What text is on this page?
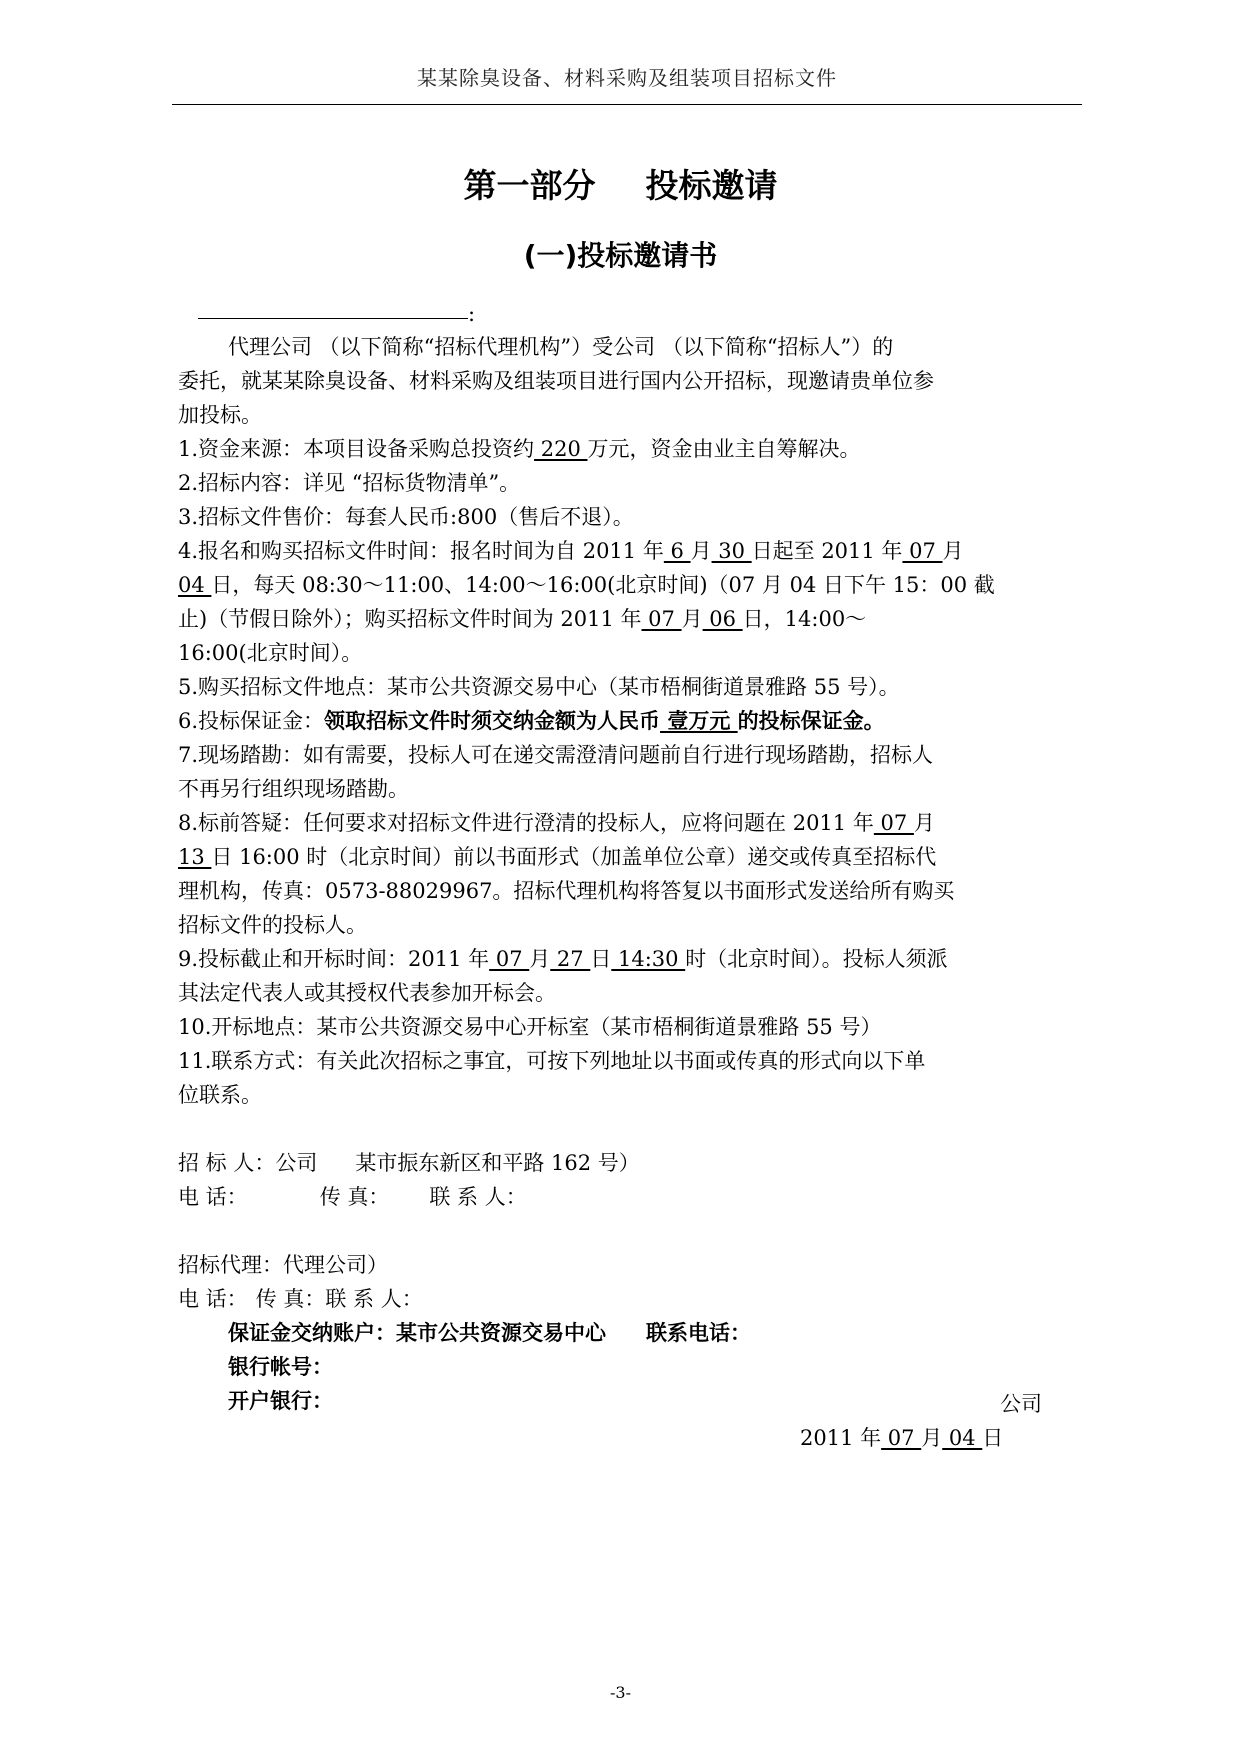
某某除臭设备、材料采购及组装项目招标文件
第一部分 投标邀请
(一)投标邀请书
:
代理公司 （以下简称“招标代理机构”）受公司 （以下简称“招标人”）的
委托，就某某除臭设备、材料采购及组装项目进行国内公开招标，现邀请贵单位参
加投标。
1.资金来源：本项目设备采购总投资约 220 万元，资金由业主自筹解决。
2.招标内容：详见 “招标货物清单”。
3.招标文件售价：每套人民币:800（售后不退）。
4.报名和购买招标文件时间：报名时间为自 2011 年 6 月 30 日起至 2011 年 07 月
04 日，每天 08:30～11:00、14:00～16:00(北京时间)（07 月 04 日下午 15：00 截
止)（节假日除外）；购买招标文件时间为 2011 年 07 月 06 日，14:00～
16:00(北京时间）。
5.购买招标文件地点：某市公共资源交易中心（某市梧桐街道景雅路 55 号）。
6.投标保证金：领取招标文件时须交纳金额为人民币 壹万元 的投标保证金。
7.现场踏勘：如有需要，投标人可在递交需澄清问题前自行进行现场踏勘，招标人
不再另行组织现场踏勘。
8.标前答疑：任何要求对招标文件进行澄清的投标人，应将问题在 2011 年 07 月
13 日 16:00 时（北京时间）前以书面形式（加盖单位公章）递交或传真至招标代
理机构，传真：0573-88029967。招标代理机构将答复以书面形式发送给所有购买
招标文件的投标人。
9.投标截止和开标时间：2011 年 07 月 27 日 14:30 时（北京时间）。投标人须派
其法定代表人或其授权代表参加开标会。
10.开标地点：某市公共资源交易中心开标室（某市梧桐街道景雅路 55 号）
11.联系方式：有关此次招标之事宜，可按下列地址以书面或传真的形式向以下单
位联系。
招 标 人：公司 某市振东新区和平路 162 号）
电 话：	传 真： 联 系 人：
招标代理：代理公司）
电 话： 传 真：联 系 人：
保证金交纳账户：某市公共资源交易中心 联系电话：
银行帐号：
开户银行：	公司
2011 年 07 月 04 日
-3-
